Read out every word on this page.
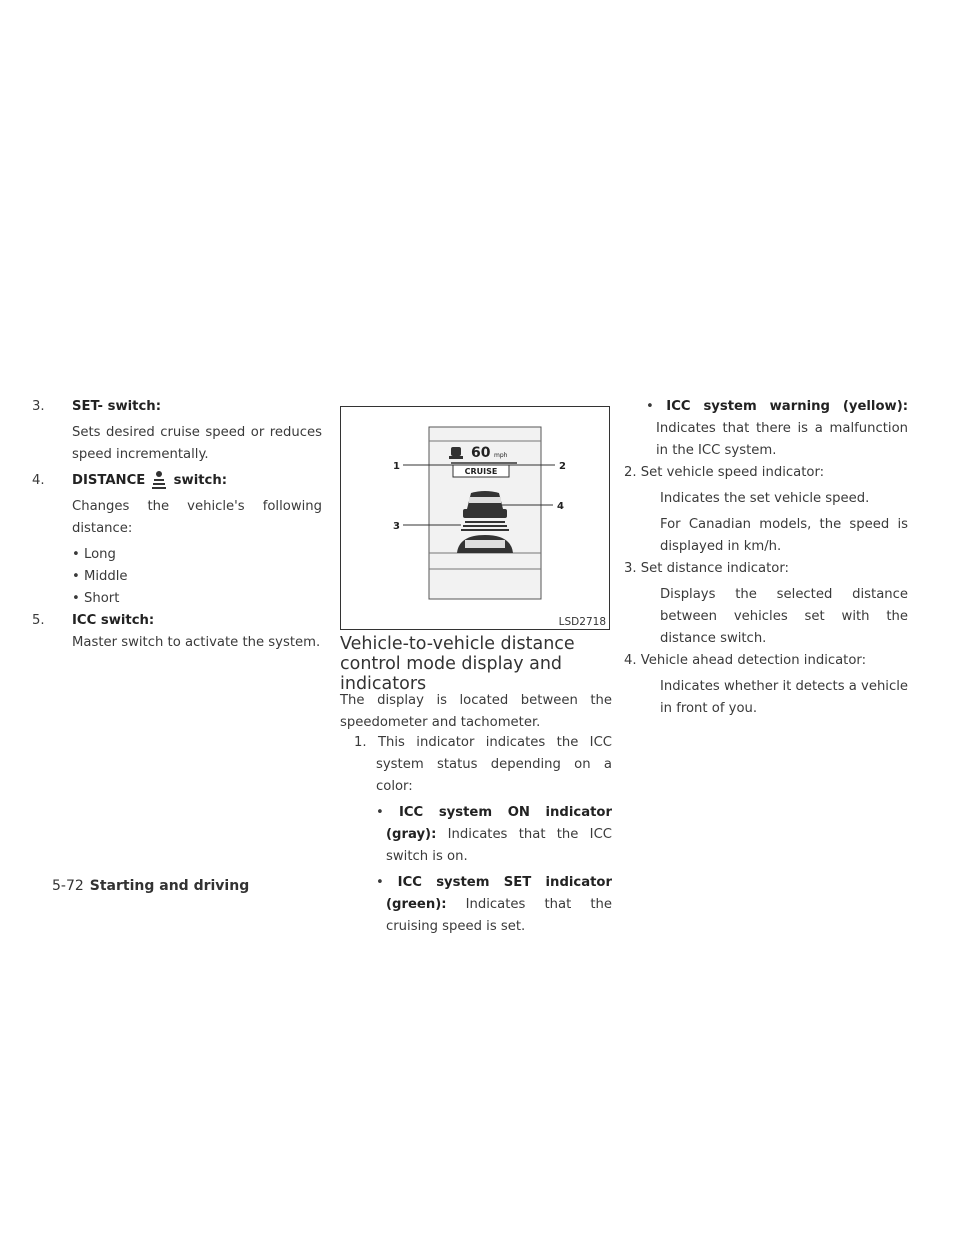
3. SET- switch:

Sets desired cruise speed or reduces speed incrementally.

4. DISTANCE switch:

Changes the vehicle's following distance:

• Long

• Middle

• Short

5. ICC switch:

Master switch to activate the system.

60 mph
CRUISE
1	2
3
4
LSD2718
Vehicle-to-vehicle distance
control mode display and
indicators

The display is located between the speedometer and tachometer.

1. This indicator indicates the ICC system status depending on a color:

• ICC system ON indicator (gray): Indicates that the ICC switch is on.

• ICC system SET indicator (green): Indicates that the cruising speed is set.

• ICC system warning (yellow): Indicates that there is a malfunction in the ICC system.

2. Set vehicle speed indicator:

Indicates the set vehicle speed.

For Canadian models, the speed is displayed in km/h.

3. Set distance indicator:

Displays the selected distance between vehicles set with the distance switch.

4. Vehicle ahead detection indicator:

Indicates whether it detects a vehicle in front of you.

5-72 Starting and driving
